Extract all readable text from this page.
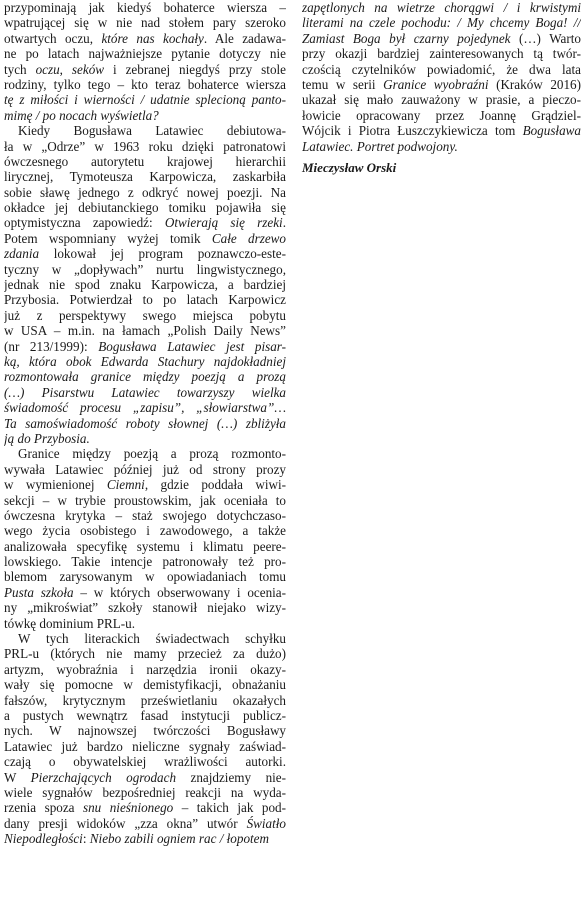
przypominają jak kiedyś bohaterce wiersza –
wpatrującej się w nie nad stołem pary szeroko
otwartych oczu, które nas kochały. Ale zadawa-
ne po latach najważniejsze pytanie dotyczy nie
tych oczu, seków i zebranej niegdyś przy stole
rodziny, tylko tego – kto teraz bohaterce wiersza
tę z miłości i wierności / udatnie splecioną panto-
mimę / po nocach wyświetla?

Kiedy Bogusława Latawiec debiutowa-
ła w „Odrze” w 1963 roku dzięki patronatowi
ówczesnego autorytetu krajowej hierarchii
lirycznej, Tymoteusza Karpowicza, zaskarbiła
sobie sławę jednego z odkryć nowej poezji. Na
okładce jej debiutanckiego tomiku pojawiła się
optymistyczna zapowiedź: Otwierają się rzeki.
Potem wspomniany wyżej tomik Całe drzewo
zdania lokował jej program poznawczo-este-
tyczny w „dopływach” nurtu lingwistycznego,
jednak nie spod znaku Karpowicza, a bardziej
Przybosia. Potwierdzał to po latach Karpowicz
już z perspektywy swego miejsca pobytu
w USA – m.in. na łamach „Polish Daily News”
(nr 213/1999): Bogusława Latawiec jest pisar-
ką, która obok Edwarda Stachury najdokładniej
rozmontowała granice między poezją a prozą
(…) Pisarstwu Latawiec towarzyszy wielka
świadomość procesu „zapisu”, „słowiarstwa”…
Ta samoświadomość roboty słownej (…) zbliżyła
ją do Przybosia.

Granice między poezją a prozą rozmonto-
wywała Latawiec później już od strony prozy
w wymienionej Ciemni, gdzie poddała wiwi-
sekcji – w trybie proustowskim, jak oceniała to
ówczesna krytyka – staż swojego dotychczaso-
wego życia osobistego i zawodowego, a także
analizowała specyfikę systemu i klimatu peere-
lowskiego. Takie intencje patronowały też pro-
blemom zarysowanym w opowiadaniach tomu
Pusta szkoła – w których obserwowany i oceniа-
ny „mikroświat” szkoły stanowił niejako wizy-
tówkę dominium PRL-u.

W tych literackich świadectwach schyłku
PRL-u (których nie mamy przecież za dużo)
artyzm, wyobraźnia i narzędzia ironii okazy-
wały się pomocne w demistyfikacji, obnażaniu
fałszów, krytycznym prześwietlaniu okazałych
a pustych wewnątrz fasad instytucji publicz-
nych. W najnowszej twórczości Bogusławy
Latawiec już bardzo nieliczne sygnały zaświad-
czają o obywatelskiej wrażliwości autorki.
W Pierzchających ogrodach znajdziemy nie-
wiele sygnałów bezpośredniej reakcji na wyda-
rzenia spoza snu nieśnionego – takich jak pod-
dany presji widoków „zza okna” utwór Światło
Niepodległości: Niebo zabili ogniem rac / łopotem

zapętlonych na wietrze chorągwi / i krwistymi
literami na czele pochodu: / My chcemy Boga! //
Zamiast Boga był czarny pojedynek (…) Warto
przy okazji bardziej zainteresowanych tą twór-
czością czytelników powiadomić, że dwa lata
temu w serii Granice wyobraźni (Kraków 2016)
ukazał się mało zauważony w prasie, a pieczo-
łowicie opracowany przez Joannę Grądziel-
Wójcik i Piotra Łuszczykiewicza tom Bogusława
Latawiec. Portret podwojony.

Mieczysław Orski
